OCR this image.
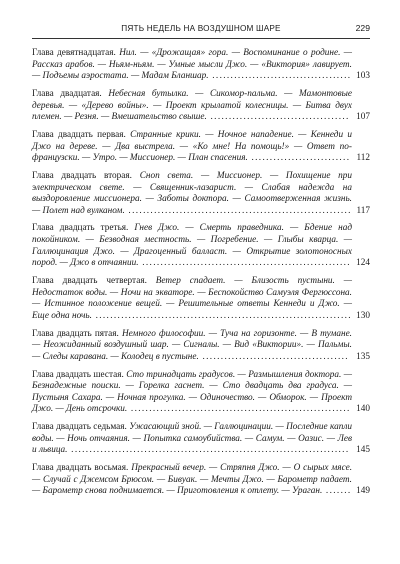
ПЯТЬ НЕДЕЛЬ НА ВОЗДУШНОМ ШАРЕ	229
Глава девятнадцатая. Нил. — «Дрожащая» гора. — Воспоминание о родине. — Рассказ арабов. — Ньям-ньям. — Умные мысли Джо. — «Виктория» лавирует. — Подъемы аэростата. — Мадам Бланшар. ...................................... 103
Глава двадцатая. Небесная бутылка. — Сикомор-пальма. — Мамонтовые деревья. — «Дерево войны». — Проект крылатой колесницы. — Битва двух племен. — Резня. — Вмешательство свыше. ...................................... 107
Глава двадцать первая. Странные крики. — Ночное нападение. — Кеннеди и Джо на дереве. — Два выстрела. — «Ко мне! На помощь!» — Ответ по-французски. — Утро. — Миссионер. — План спасения. ........................... 112
Глава двадцать вторая. Сноп света. — Миссионер. — Похищение при электрическом свете. — Священник-лазарист. — Слабая надежда на выздоровление миссионера. — Заботы доктора. — Самоотверженная жизнь. — Полет над вулканом. ............................................................. 117
Глава двадцать третья. Гнев Джо. — Смерть праведника. — Бдение над покойником. — Безводная местность. — Погребение. — Глыбы кварца. — Галлюцинация Джо. — Драгоценный балласт. — Открытие золотоносных пород. — Джо в отчаянии. ......................................................... 124
Глава двадцать четвертая. Ветер спадает. — Близость пустыни. — Недостаток воды. — Ночи на экваторе. — Беспокойство Самуэля Фергюссона. — Истинное положение вещей. — Решительные ответы Кеннеди и Джо. — Еще одна ночь. ...................................................................... 130
Глава двадцать пятая. Немного философии. — Туча на горизонте. — В тумане. — Неожиданный воздушный шар. — Сигналы. — Вид «Виктории». — Пальмы. — Следы каравана. — Колодец в пустыне. ........................................ 135
Глава двадцать шестая. Сто тринадцать градусов. — Размышления доктора. — Безнадежные поиски. — Горелка гаснет. — Сто двадцать два градуса. — Пустыня Сахара. — Ночная прогулка. — Одиночество. — Обморок. — Проект Джо. — День отсрочки. ............................................................ 140
Глава двадцать седьмая. Ужасающий зной. — Галлюцинации. — Последние капли воды. — Ночь отчаяния. — Попытка самоубийства. — Самум. — Оазис. — Лев и львица. ............................................................................ 145
Глава двадцать восьмая. Прекрасный вечер. — Стряпня Джо. — О сырых мясе. — Случай с Джемсом Брюсом. — Бивуак. — Мечты Джо. — Барометр падает. — Барометр снова поднимается. — Приготовления к отлету. — Ураган. ....... 149
